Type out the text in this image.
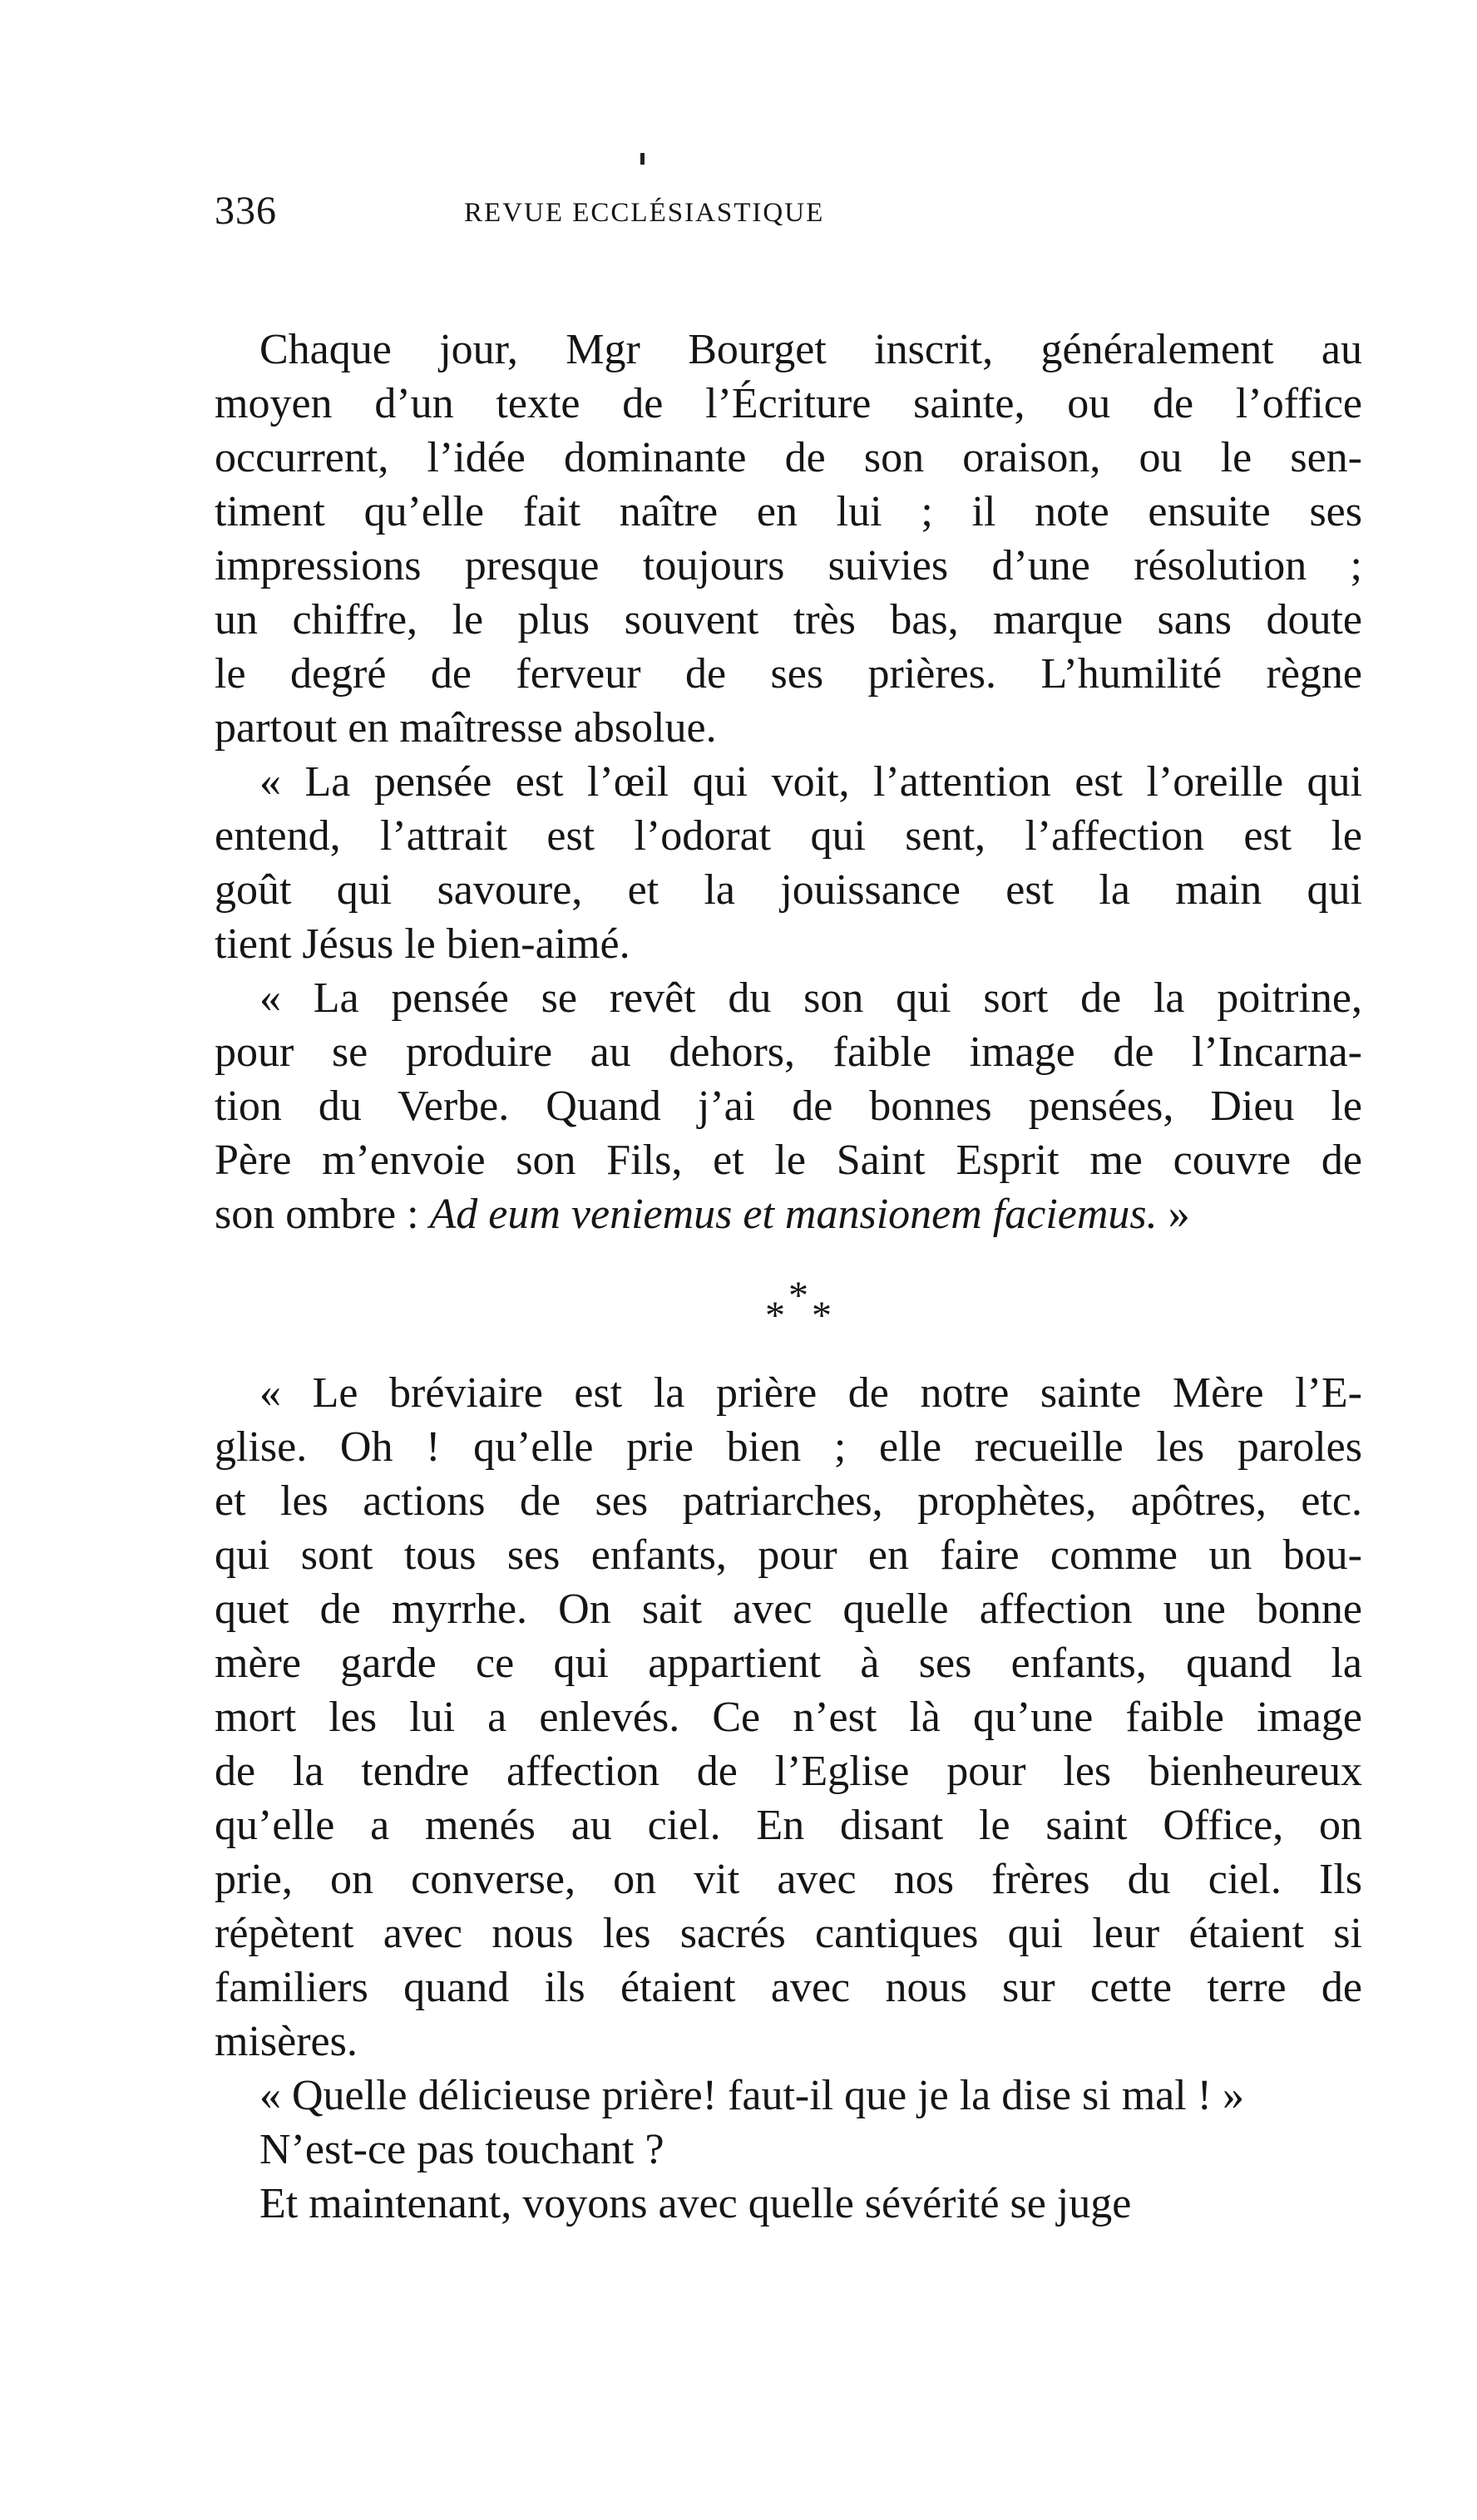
336	REVUE ECCLÉSIASTIQUE

Chaque jour, Mgr Bourget inscrit, généralement au
moyen d’un texte de l’Écriture sainte, ou de l’office
occurrent, l’idée dominante de son oraison, ou le sen-
timent qu’elle fait naître en lui ; il note ensuite ses
impressions presque toujours suivies d’une résolution ;
un chiffre, le plus souvent très bas, marque sans doute
le degré de ferveur de ses prières. L’humilité règne
partout en maîtresse absolue.

« La pensée est l’œil qui voit, l’attention est l’oreille qui
entend, l’attrait est l’odorat qui sent, l’affection est le
goût qui savoure, et la jouissance est la main qui
tient Jésus le bien-aimé.

« La pensée se revêt du son qui sort de la poitrine,
pour se produire au dehors, faible image de l’Incarna-
tion du Verbe. Quand j’ai de bonnes pensées, Dieu le
Père m’envoie son Fils, et le Saint Esprit me couvre de
son ombre : Ad eum veniemus et mansionem faciemus. »

*
* *

« Le bréviaire est la prière de notre sainte Mère l’E-
glise. Oh ! qu’elle prie bien ; elle recueille les paroles
et les actions de ses patriarches, prophètes, apôtres, etc.
qui sont tous ses enfants, pour en faire comme un bou-
quet de myrrhe. On sait avec quelle affection une bonne
mère garde ce qui appartient à ses enfants, quand la
mort les lui a enlevés. Ce n’est là qu’une faible image
de la tendre affection de l’Eglise pour les bienheureux
qu’elle a menés au ciel. En disant le saint Office, on
prie, on converse, on vit avec nos frères du ciel. Ils
répètent avec nous les sacrés cantiques qui leur étaient si
familiers quand ils étaient avec nous sur cette terre de
misères.

« Quelle délicieuse prière! faut-il que je la dise si mal ! »

N’est-ce pas touchant ?

Et maintenant, voyons avec quelle sévérité se juge
